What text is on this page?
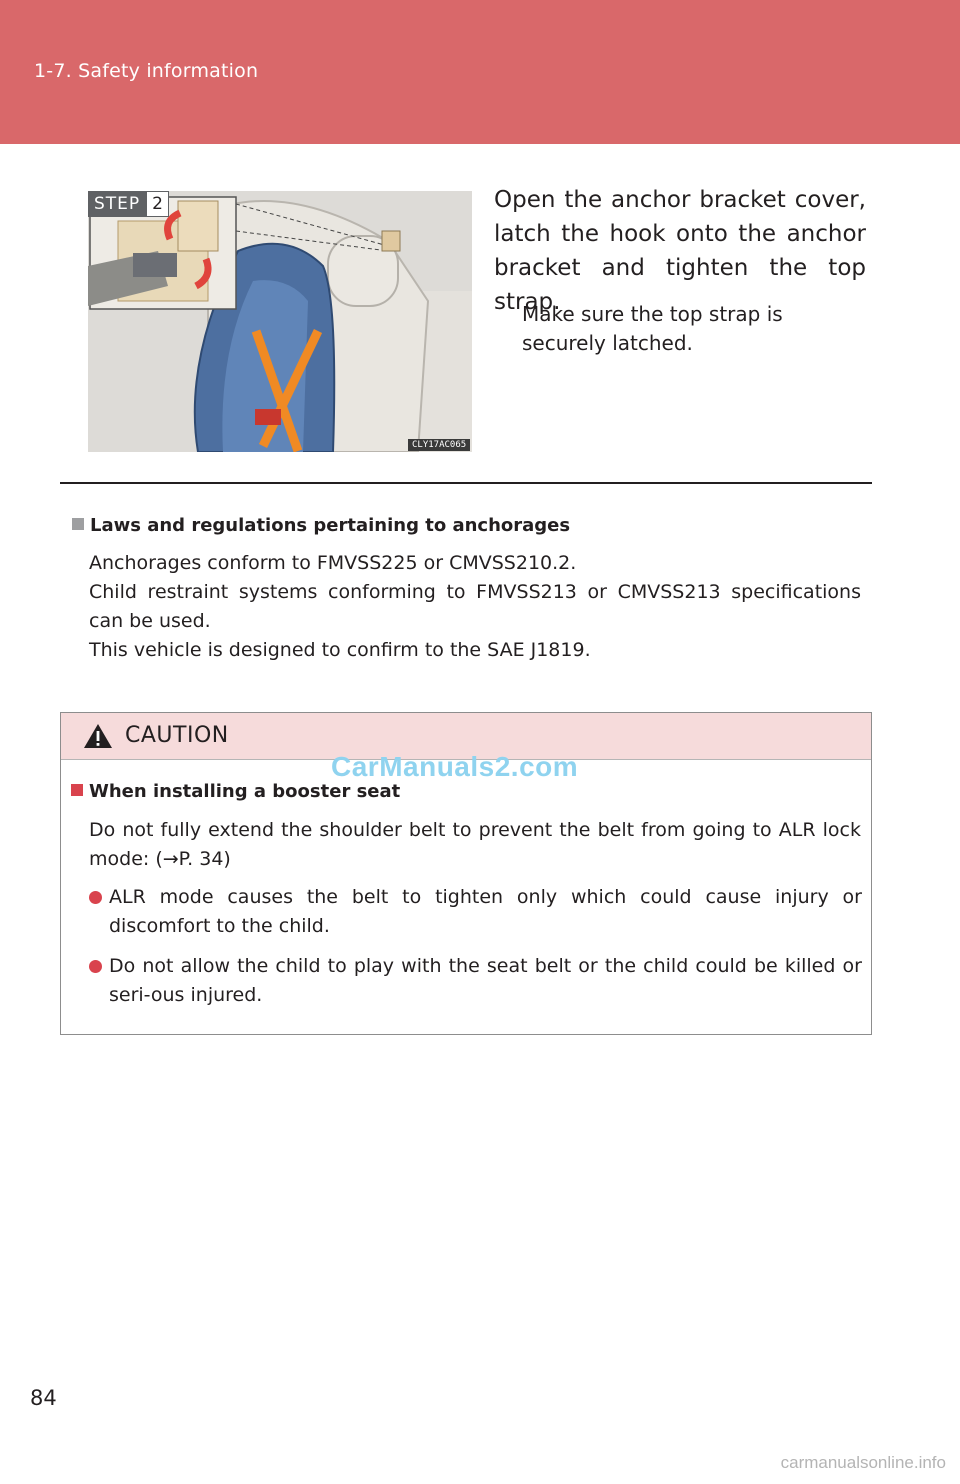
1-7. Safety information
STEP 2
CLY17AC065
Open the anchor bracket cover, latch the hook onto the anchor bracket and tighten the top strap.
Make sure the top strap is securely latched.
Laws and regulations pertaining to anchorages

Anchorages conform to FMVSS225 or CMVSS210.2.

Child restraint systems conforming to FMVSS213 or CMVSS213 specifications can be used.

This vehicle is designed to confirm to the SAE J1819.

CAUTION
CarManuals2.com
When installing a booster seat
Do not fully extend the shoulder belt to prevent the belt from going to ALR lock mode: (→P. 34)
ALR mode causes the belt to tighten only which could cause injury or discomfort to the child.
Do not allow the child to play with the seat belt or the child could be killed or seri-ous injured.
84
carmanualsonline.info
